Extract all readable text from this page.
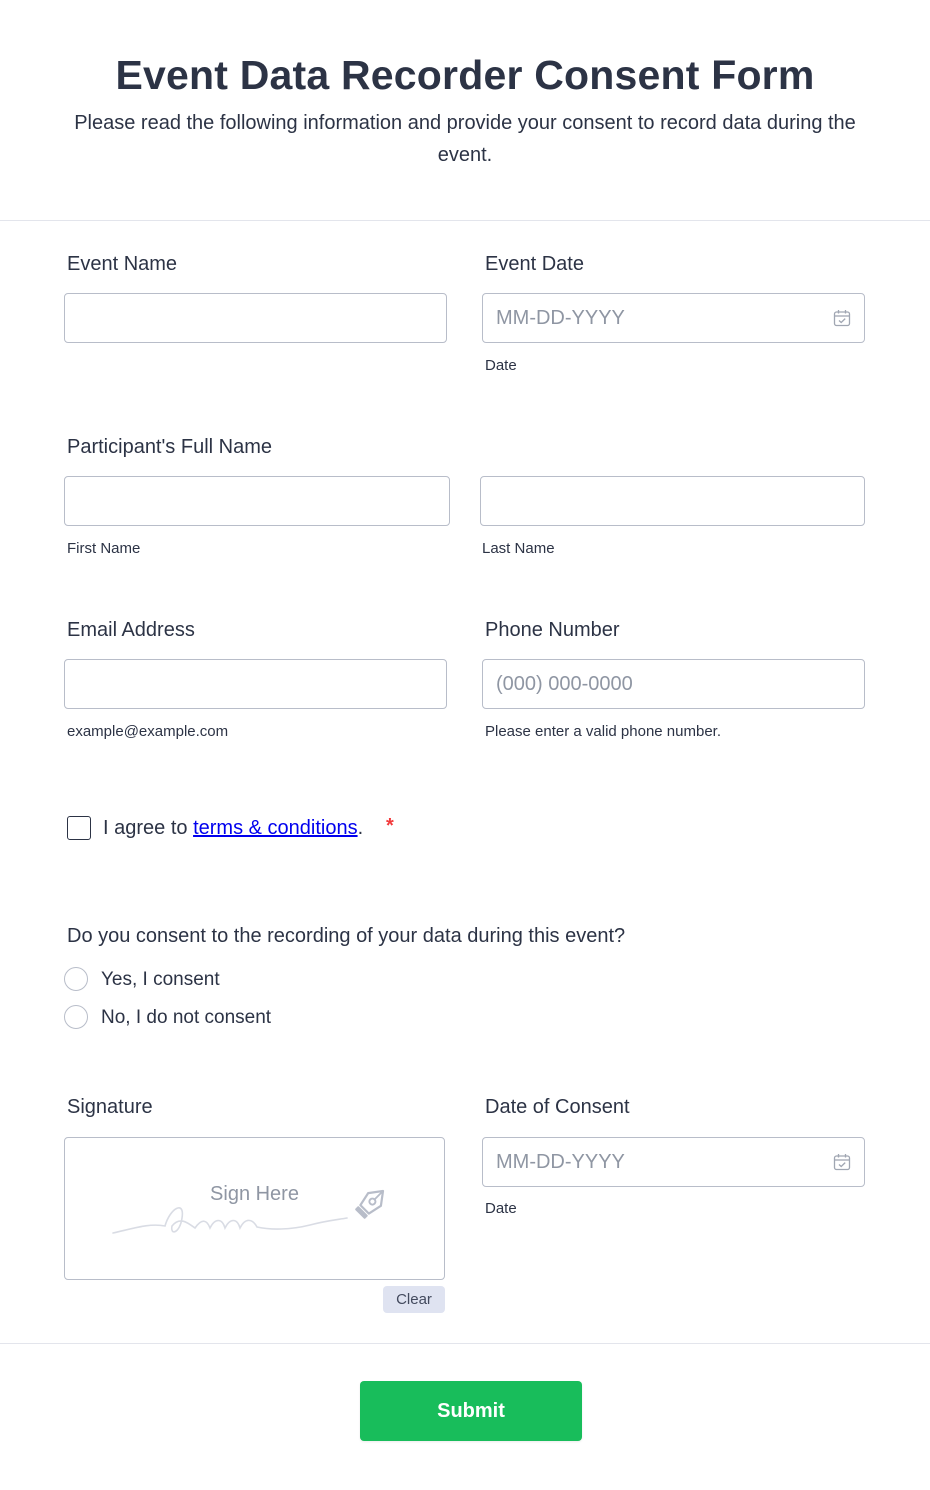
Event Data Recorder Consent Form
Please read the following information and provide your consent to record data during the event.
Event Name	Event Date
MM-DD-YYYY
Date
Participant's Full Name
First Name	Last Name
Email Address
example@example.com
Phone Number
(000) 000-0000
Please enter a valid phone number.
I agree to terms & conditions. *
Do you consent to the recording of your data during this event?
Yes, I consent
No, I do not consent
Signature
Sign Here
Clear
Date of Consent
MM-DD-YYYY
Date
Submit
